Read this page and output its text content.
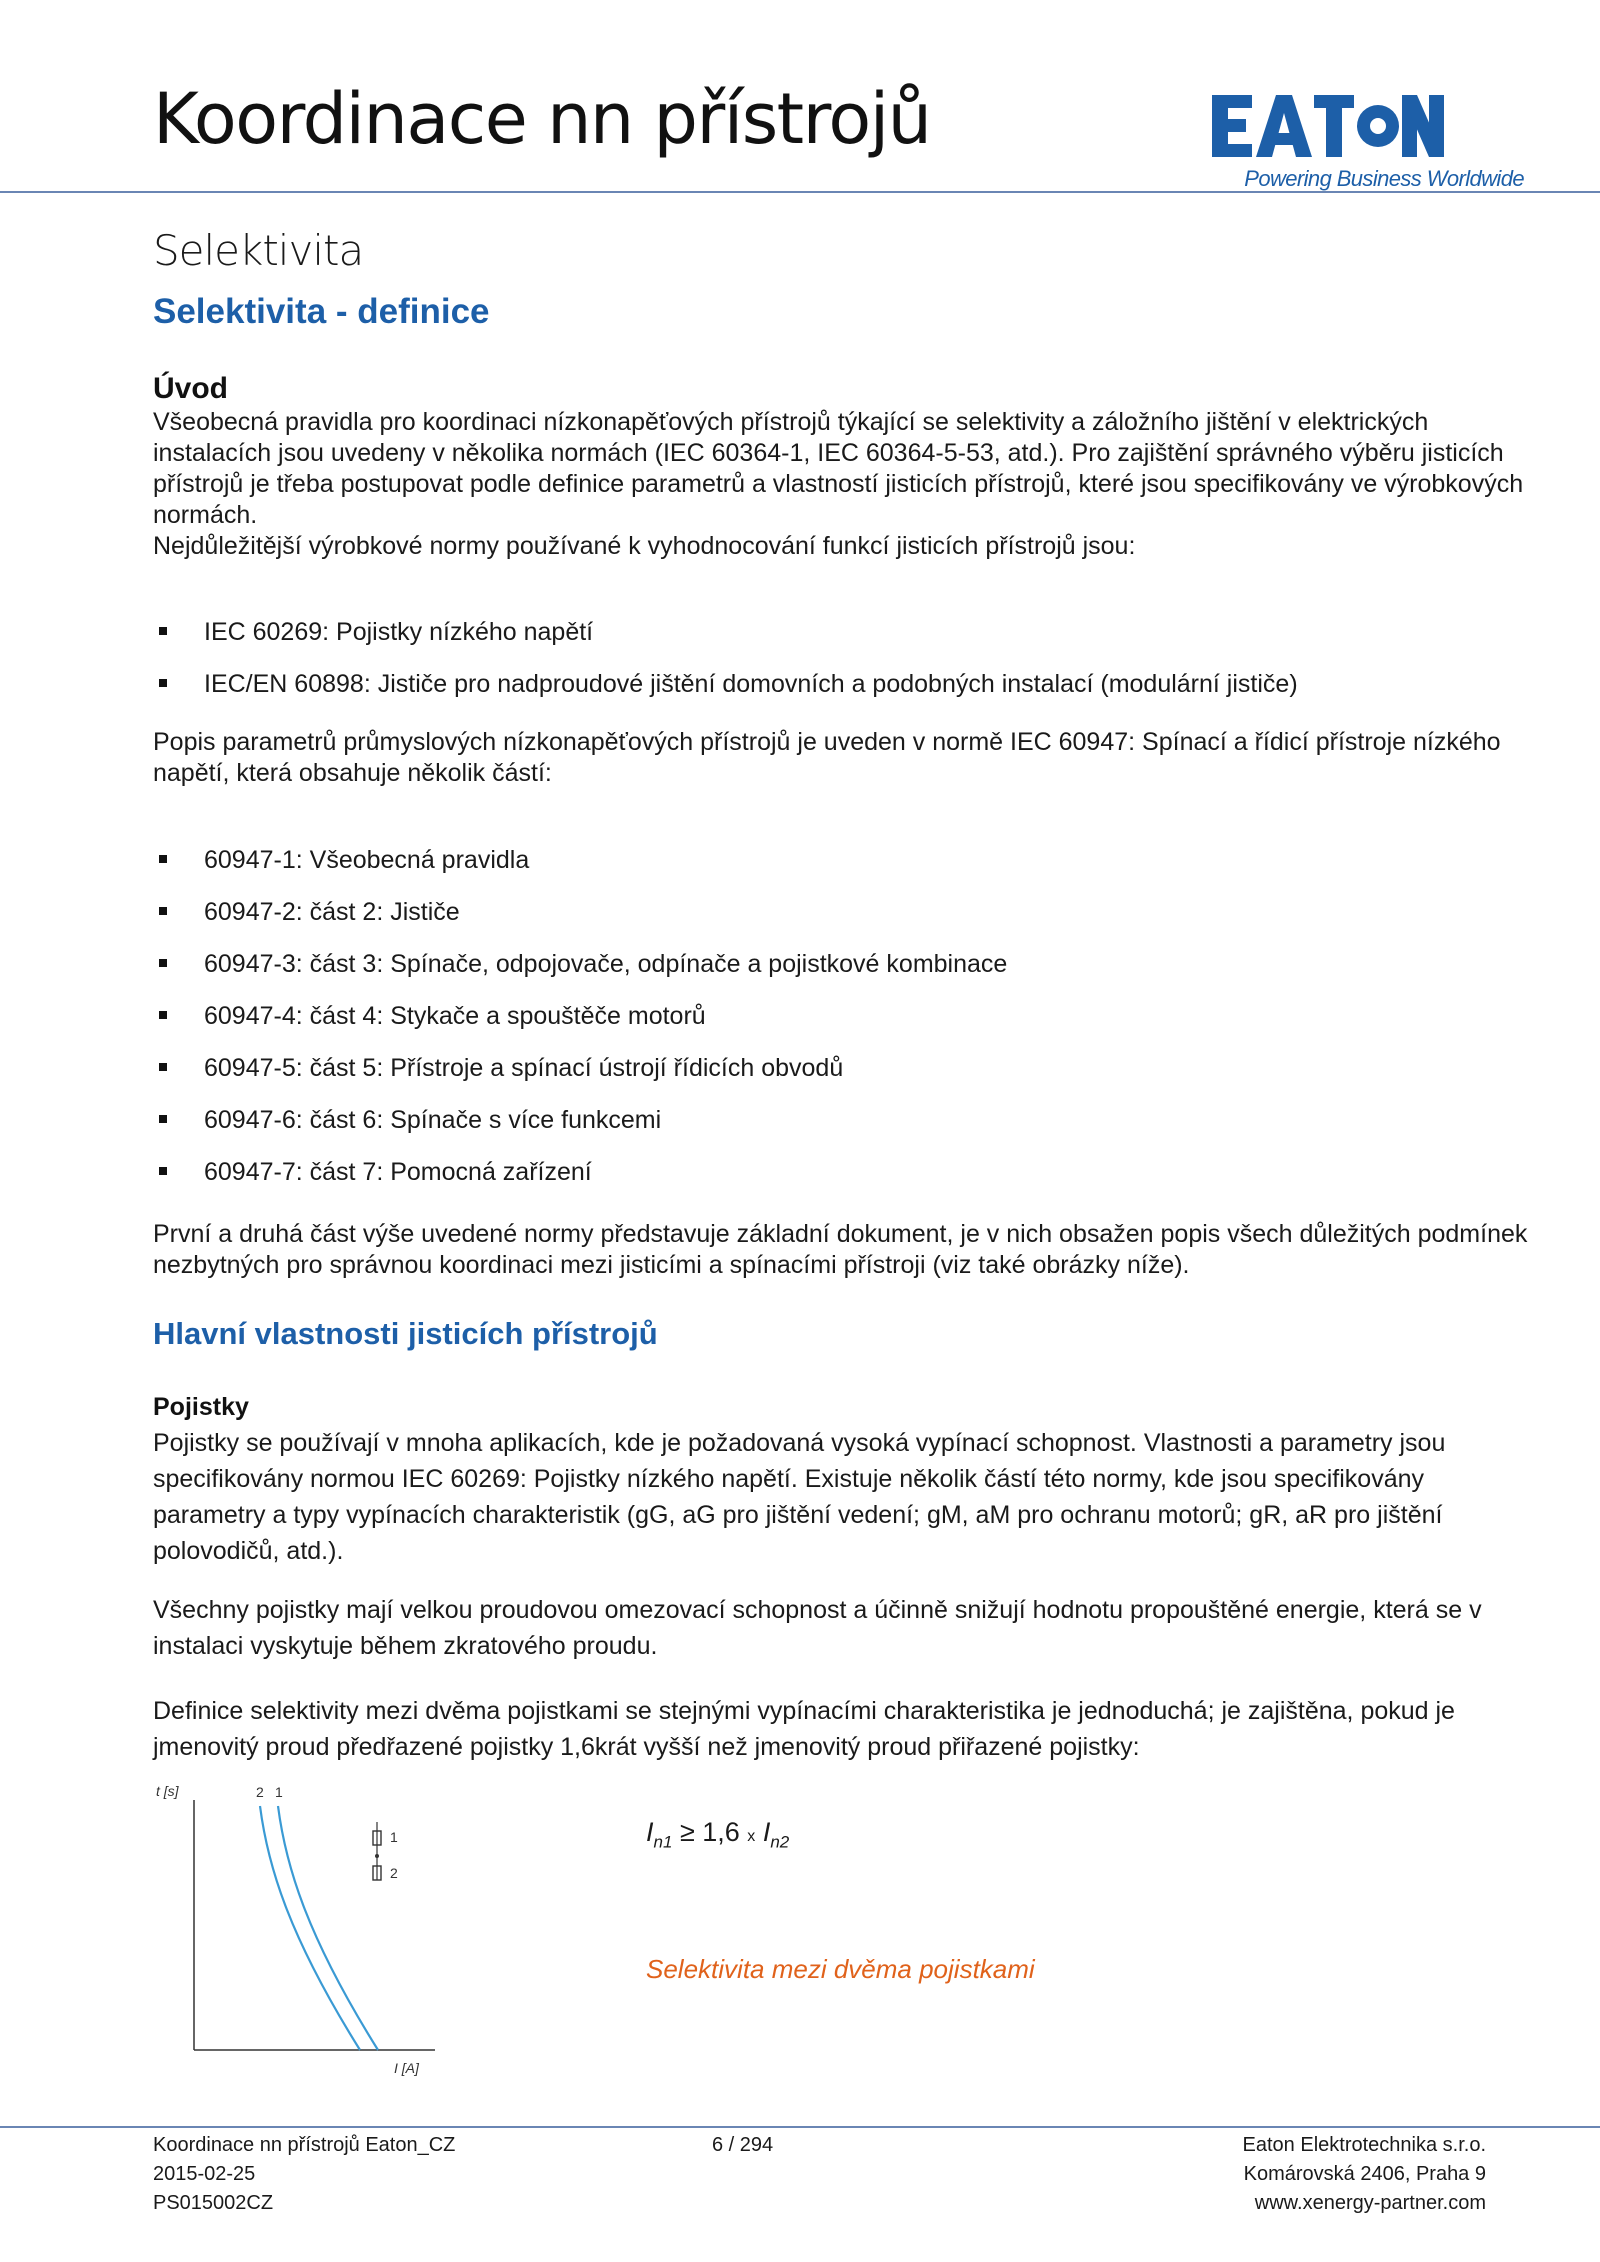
Koordinace nn přístrojů
Powering Business Worldwide
Selektivita
Selektivita - definice
Úvod
Všeobecná pravidla pro koordinaci nízkonapěťových přístrojů týkající se selektivity a záložního jištění v elektrických instalacích jsou uvedeny v několika normách (IEC 60364-1, IEC 60364-5-53, atd.). Pro zajištění správného výběru jisticích přístrojů je třeba postupovat podle definice parametrů a vlastností jisticích přístrojů, které jsou specifikovány ve výrobkových normách.
Nejdůležitější výrobkové normy používané k vyhodnocování funkcí jisticích přístrojů jsou:
IEC 60269: Pojistky nízkého napětí
IEC/EN 60898: Jističe pro nadproudové jištění domovních a podobných instalací (modulární jističe)
Popis parametrů průmyslových nízkonapěťových přístrojů je uveden v normě IEC 60947: Spínací a řídicí přístroje nízkého napětí, která obsahuje několik částí:
60947-1: Všeobecná pravidla
60947-2: část 2: Jističe
60947-3: část 3: Spínače, odpojovače, odpínače a pojistkové kombinace
60947-4: část 4: Stykače a spouštěče motorů
60947-5: část 5: Přístroje a spínací ústrojí řídicích obvodů
60947-6: část 6: Spínače s více funkcemi
60947-7: část 7: Pomocná zařízení
První a druhá část výše uvedené normy představuje základní dokument, je v nich obsažen popis všech důležitých podmínek nezbytných pro správnou koordinaci mezi jisticími a spínacími přístroji (viz také obrázky níže).
Hlavní vlastnosti jisticích přístrojů
Pojistky
Pojistky se používají v mnoha aplikacích, kde je požadovaná vysoká vypínací schopnost. Vlastnosti a parametry jsou specifikovány normou IEC 60269: Pojistky nízkého napětí. Existuje několik částí této normy, kde jsou specifikovány parametry a typy vypínacích charakteristik (gG, aG pro jištění vedení; gM, aM pro ochranu motorů; gR, aR pro jištění polovodičů, atd.).
Všechny pojistky mají velkou proudovou omezovací schopnost a účinně snižují hodnotu propouštěné energie, která se v instalaci vyskytuje během zkratového proudu.
Definice selektivity mezi dvěma pojistkami se stejnými vypínacími charakteristika je jednoduchá; je zajištěna, pokud je jmenovitý proud předřazené pojistky 1,6krát vyšší než jmenovitý proud přiřazené pojistky:
t [s]
I [A]
2 1
1
2
$I_{n1} \ge 1,6$ x $I_{n2}$
Selektivita mezi dvěma pojistkami
Koordinace nn přístrojů Eaton_CZ
2015-02-25
PS015002CZ
6 / 294	Eaton Elektrotechnika s.r.o.
Komárovská 2406, Praha 9
www.xenergy-partner.com
